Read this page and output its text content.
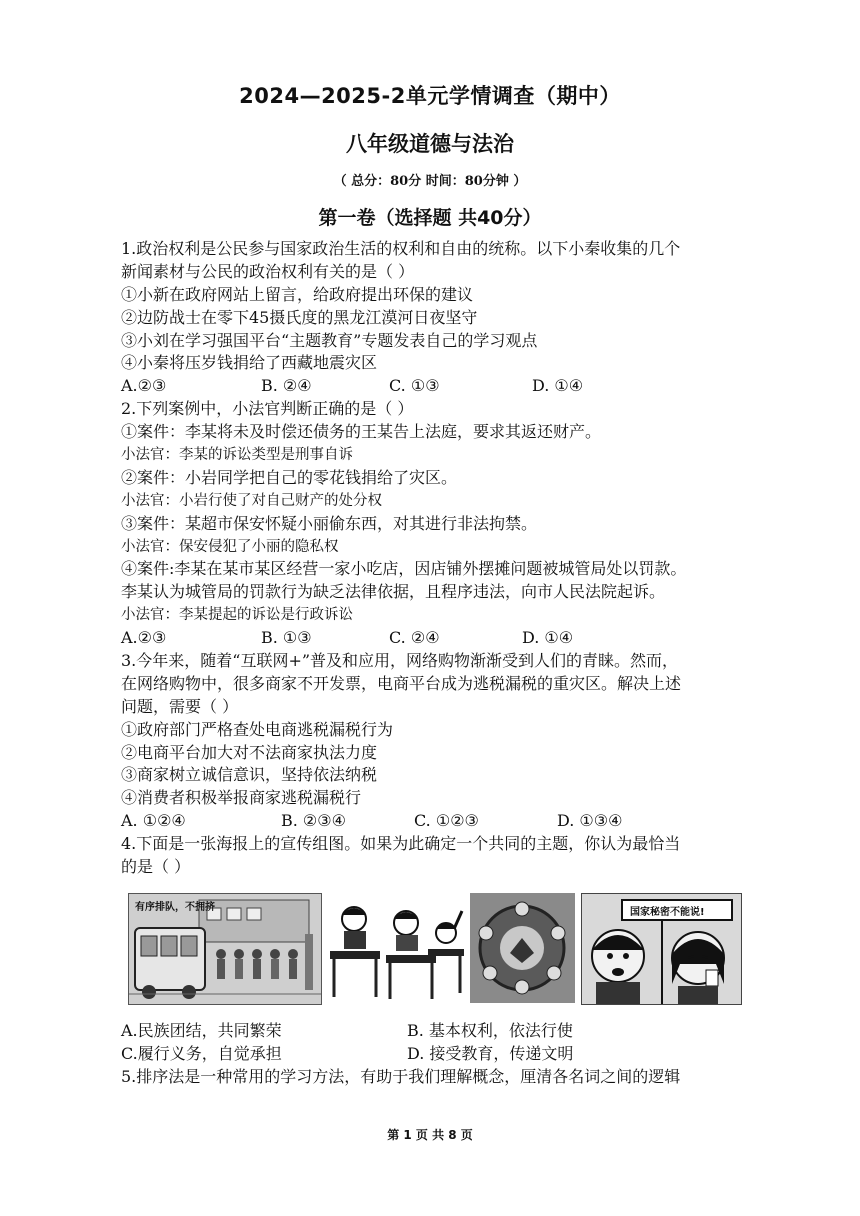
2024—2025-2单元学情调查（期中）
八年级道德与法治
（ 总分：80分 时间：80分钟 ）
第一卷（选择题 共40分）
1.政治权利是公民参与国家政治生活的权利和自由的统称。以下小秦收集的几个
新闻素材与公民的政治权利有关的是（ ）
①小新在政府网站上留言，给政府提出环保的建议
②边防战士在零下45摄氏度的黑龙江漠河日夜坚守
③小刘在学习强国平台“主题教育”专题发表自己的学习观点
④小秦将压岁钱捐给了西藏地震灾区
A.②③	B. ②④	C. ①③	D. ①④
2.下列案例中，小法官判断正确的是（ ）
①案件：李某将未及时偿还债务的王某告上法庭，要求其返还财产。
小法官：李某的诉讼类型是刑事自诉
②案件：小岩同学把自己的零花钱捐给了灾区。
小法官：小岩行使了对自己财产的处分权
③案件：某超市保安怀疑小丽偷东西，对其进行非法拘禁。
小法官：保安侵犯了小丽的隐私权
④案件:李某在某市某区经营一家小吃店，因店铺外摆摊问题被城管局处以罚款。
李某认为城管局的罚款行为缺乏法律依据，且程序违法，向市人民法院起诉。
小法官：李某提起的诉讼是行政诉讼
A.②③	B. ①③	C. ②④	D. ①④
3.今年来，随着“互联网+”普及和应用，网络购物渐渐受到人们的青睐。然而，
在网络购物中，很多商家不开发票，电商平台成为逃税漏税的重灾区。解决上述
问题，需要（ ）
①政府部门严格查处电商逃税漏税行为
②电商平台加大对不法商家执法力度
③商家树立诚信意识，坚持依法纳税
④消费者积极举报商家逃税漏税行
A. ①②④	B. ②③④	C. ①②③	D. ①③④
4.下面是一张海报上的宣传组图。如果为此确定一个共同的主题，你认为最恰当
的是（ ）
有序排队，不拥挤	国家秘密不能说!
A.民族团结，共同繁荣	B. 基本权利，依法行使
C.履行义务，自觉承担	D. 接受教育，传递文明
5.排序法是一种常用的学习方法，有助于我们理解概念，厘清各名词之间的逻辑
第 1 页 共 8 页
